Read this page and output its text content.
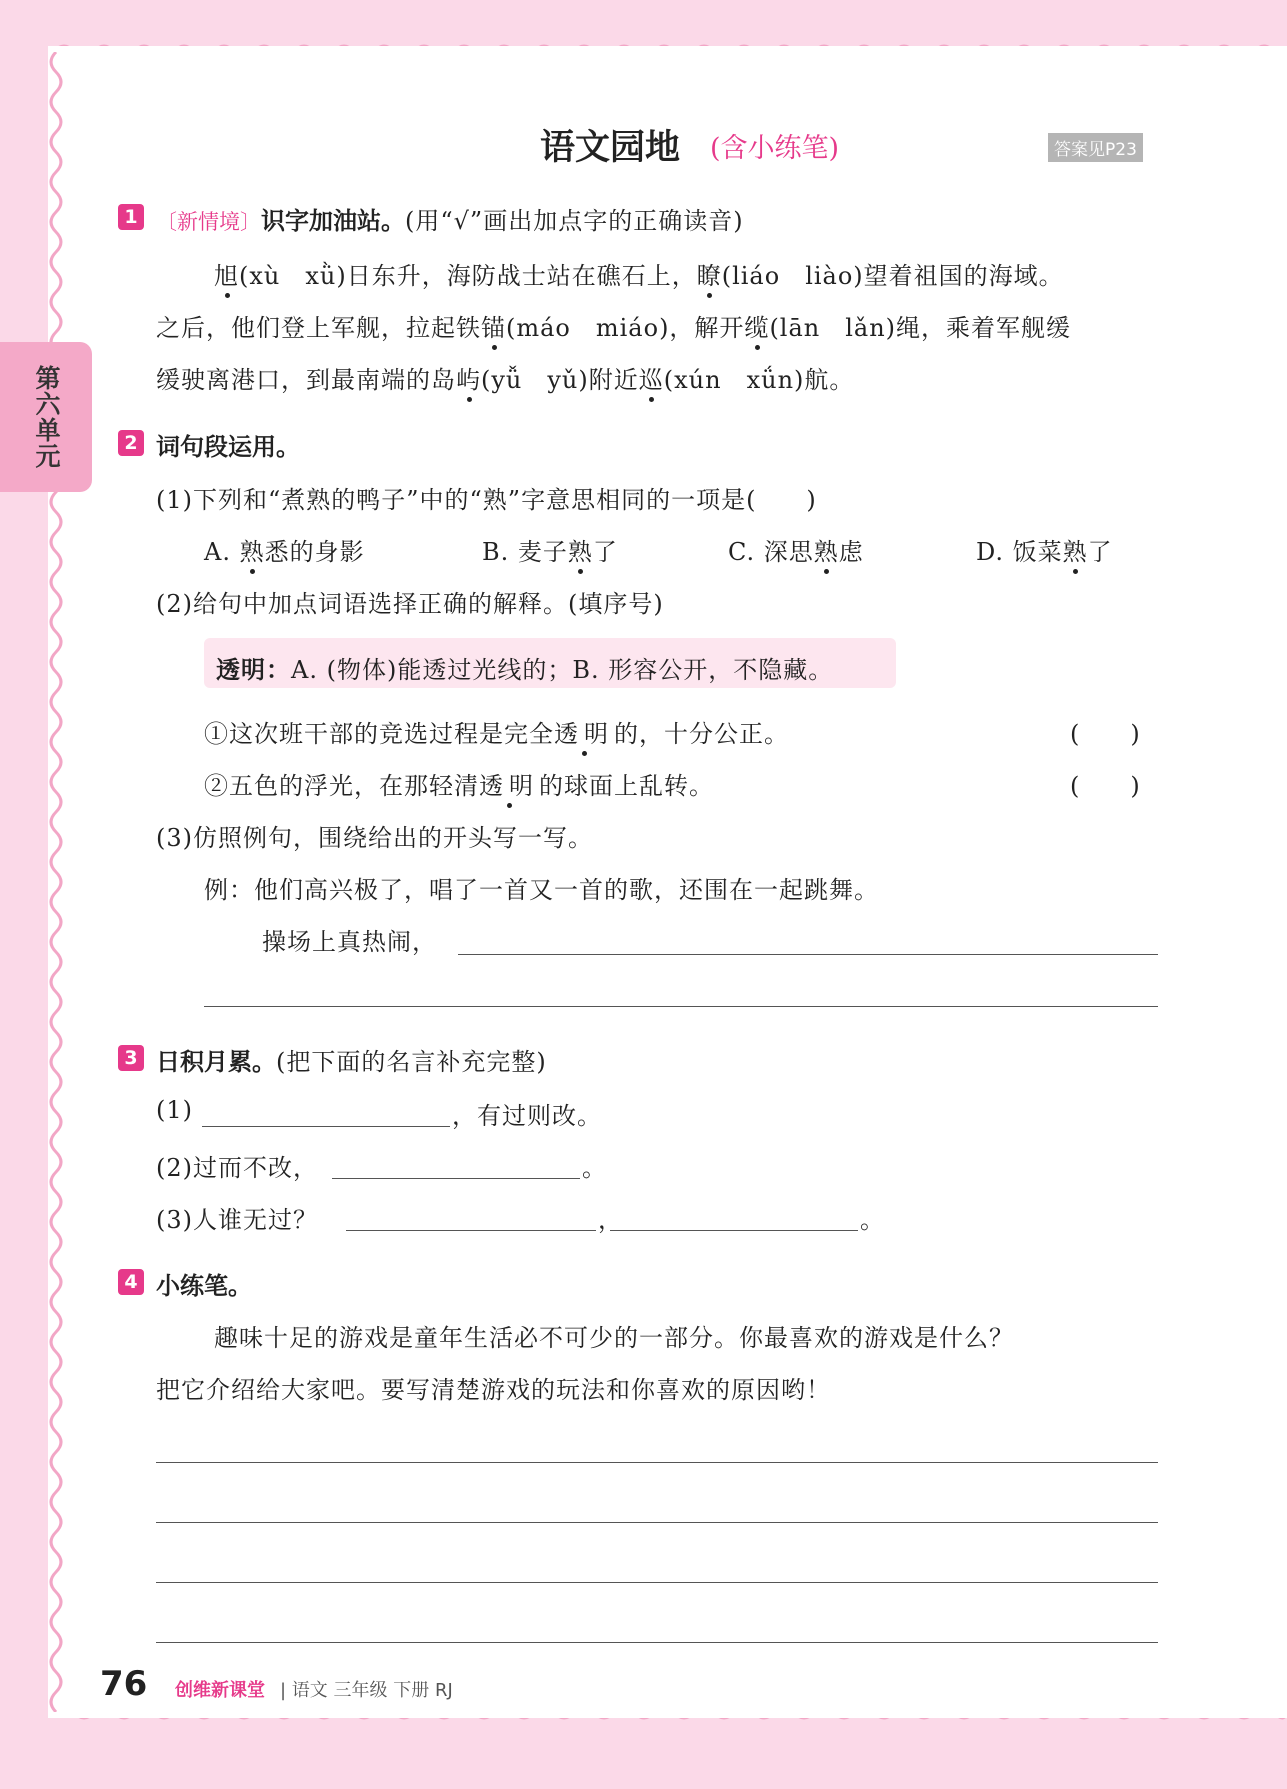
第六单元
语文园地 (含小练笔)	答案见P23
1 〔新情境〕识字加油站。(用“√”画出加点字的正确读音)
旭(xù　xǜ)日东升，海防战士站在礁石上，瞭(liáo　liào)望着祖国的海域。
之后，他们登上军舰，拉起铁锚(máo　miáo)，解开缆(lān　lǎn)绳，乘着军舰缓
缓驶离港口，到最南端的岛屿(yǚ　yǔ)附近巡(xún　xǘn)航。
2 词句段运用。
(1)下列和“煮熟的鸭子”中的“熟”字意思相同的一项是(　　)
A. 熟悉的身影	B. 麦子熟了	C. 深思熟虑	D. 饭菜熟了
(2)给句中加点词语选择正确的解释。(填序号)
透明：A. (物体)能透过光线的；B. 形容公开，不隐藏。
①这次班干部的竞选过程是完全透明的，十分公正。	(　　)
②五色的浮光，在那轻清透明的球面上乱转。	(　　)
(3)仿照例句，围绕给出的开头写一写。
例：他们高兴极了，唱了一首又一首的歌，还围在一起跳舞。
操场上真热闹，
3 日积月累。(把下面的名言补充完整)
(1)	，有过则改。
(2)过而不改，	。
(3)人谁无过？	，	。
4 小练笔。
趣味十足的游戏是童年生活必不可少的一部分。你最喜欢的游戏是什么？
把它介绍给大家吧。要写清楚游戏的玩法和你喜欢的原因哟！
76 创维新课堂 | 语文 三年级 下册 RJ
